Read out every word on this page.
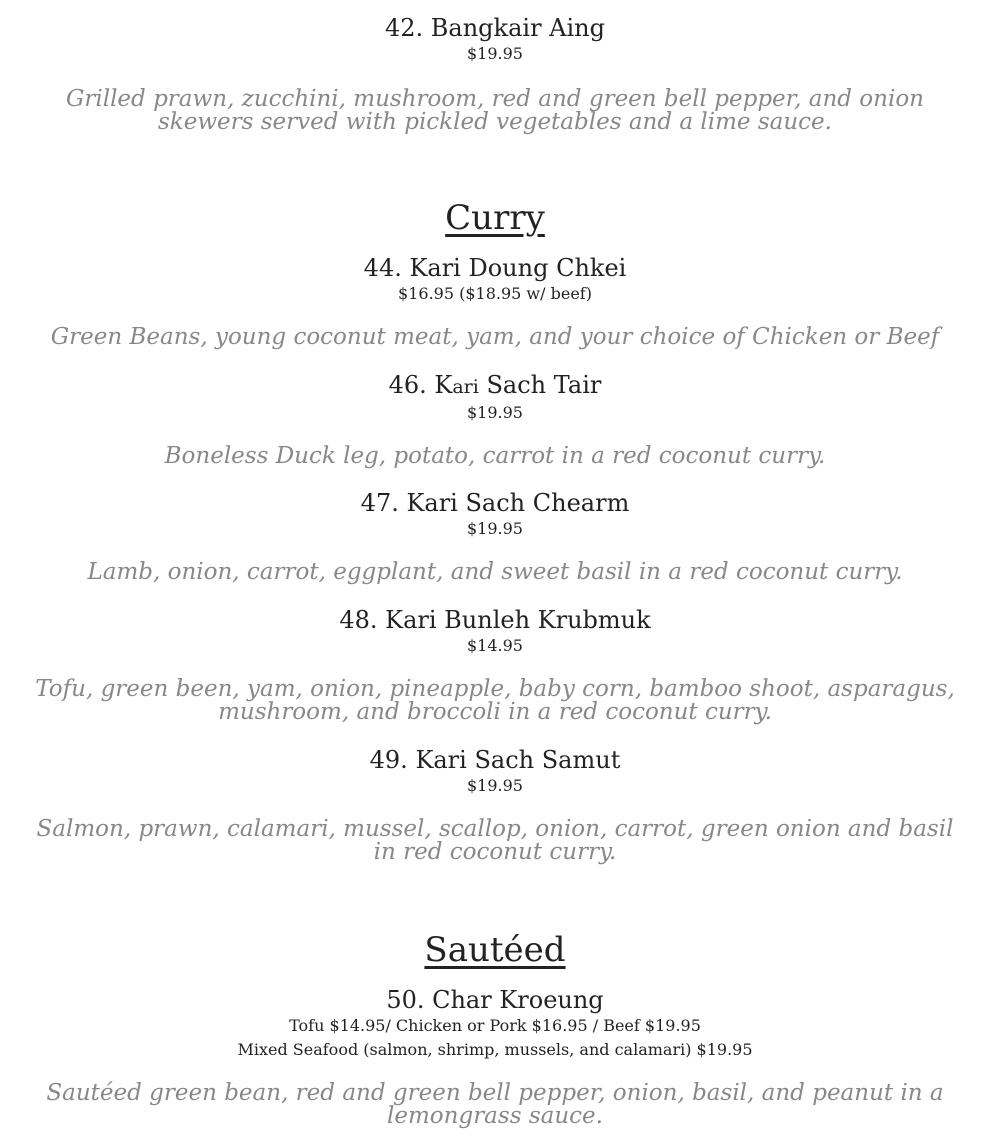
42. Bangkair Aing
$19.95
Grilled prawn, zucchini, mushroom, red and green bell pepper, and onion skewers served with pickled vegetables and a lime sauce.
Curry
44. Kari Doung Chkei
$16.95 ($18.95 w/ beef)
Green Beans, young coconut meat, yam, and your choice of Chicken or Beef
46. Kari Sach Tair
$19.95
Boneless Duck leg, potato, carrot in a red coconut curry.
47. Kari Sach Chearm
$19.95
Lamb, onion, carrot, eggplant, and sweet basil in a red coconut curry.
48. Kari Bunleh Krubmuk
$14.95
Tofu, green been, yam, onion, pineapple, baby corn, bamboo shoot, asparagus, mushroom, and broccoli in a red coconut curry.
49. Kari Sach Samut
$19.95
Salmon, prawn, calamari, mussel, scallop, onion, carrot, green onion and basil in red coconut curry.
Sautéed
50. Char Kroeung
Tofu $14.95/ Chicken or Pork $16.95 / Beef $19.95
Mixed Seafood (salmon, shrimp, mussels, and calamari) $19.95
Sautéed green bean, red and green bell pepper, onion, basil, and peanut in a lemongrass sauce.
